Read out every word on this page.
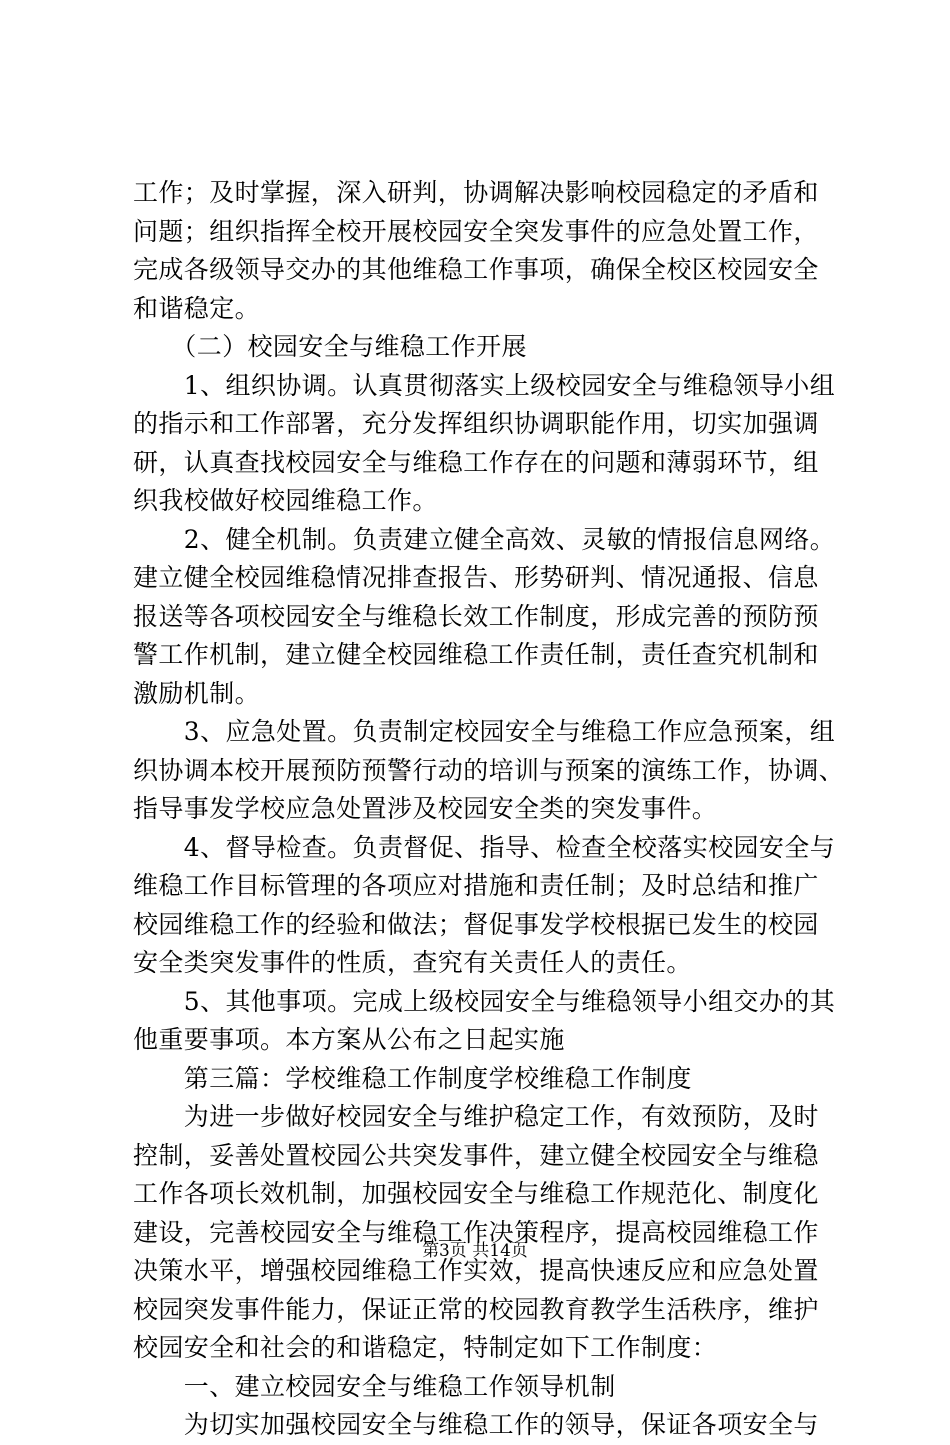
工作；及时掌握，深入研判，协调解决影响校园稳定的矛盾和
问题；组织指挥全校开展校园安全突发事件的应急处置工作，
完成各级领导交办的其他维稳工作事项，确保全校区校园安全
和谐稳定。
　　（二）校园安全与维稳工作开展
　　1、组织协调。认真贯彻落实上级校园安全与维稳领导小组
的指示和工作部署，充分发挥组织协调职能作用，切实加强调
研，认真查找校园安全与维稳工作存在的问题和薄弱环节，组
织我校做好校园维稳工作。
　　2、健全机制。负责建立健全高效、灵敏的情报信息网络。
建立健全校园维稳情况排查报告、形势研判、情况通报、信息
报送等各项校园安全与维稳长效工作制度，形成完善的预防预
警工作机制，建立健全校园维稳工作责任制，责任查究机制和
激励机制。
　　3、应急处置。负责制定校园安全与维稳工作应急预案，组
织协调本校开展预防预警行动的培训与预案的演练工作，协调、
指导事发学校应急处置涉及校园安全类的突发事件。
　　4、督导检查。负责督促、指导、检查全校落实校园安全与
维稳工作目标管理的各项应对措施和责任制；及时总结和推广
校园维稳工作的经验和做法；督促事发学校根据已发生的校园
安全类突发事件的性质，查究有关责任人的责任。
　　5、其他事项。完成上级校园安全与维稳领导小组交办的其
他重要事项。本方案从公布之日起实施
　　第三篇：学校维稳工作制度学校维稳工作制度
　　为进一步做好校园安全与维护稳定工作，有效预防，及时
控制，妥善处置校园公共突发事件，建立健全校园安全与维稳
工作各项长效机制，加强校园安全与维稳工作规范化、制度化
建设，完善校园安全与维稳工作决策程序，提高校园维稳工作
决策水平，增强校园维稳工作实效，提高快速反应和应急处置
校园突发事件能力，保证正常的校园教育教学生活秩序，维护
校园安全和社会的和谐稳定，特制定如下工作制度：
　　一、建立校园安全与维稳工作领导机制
　　为切实加强校园安全与维稳工作的领导，保证各项安全与
第3页 共14页
